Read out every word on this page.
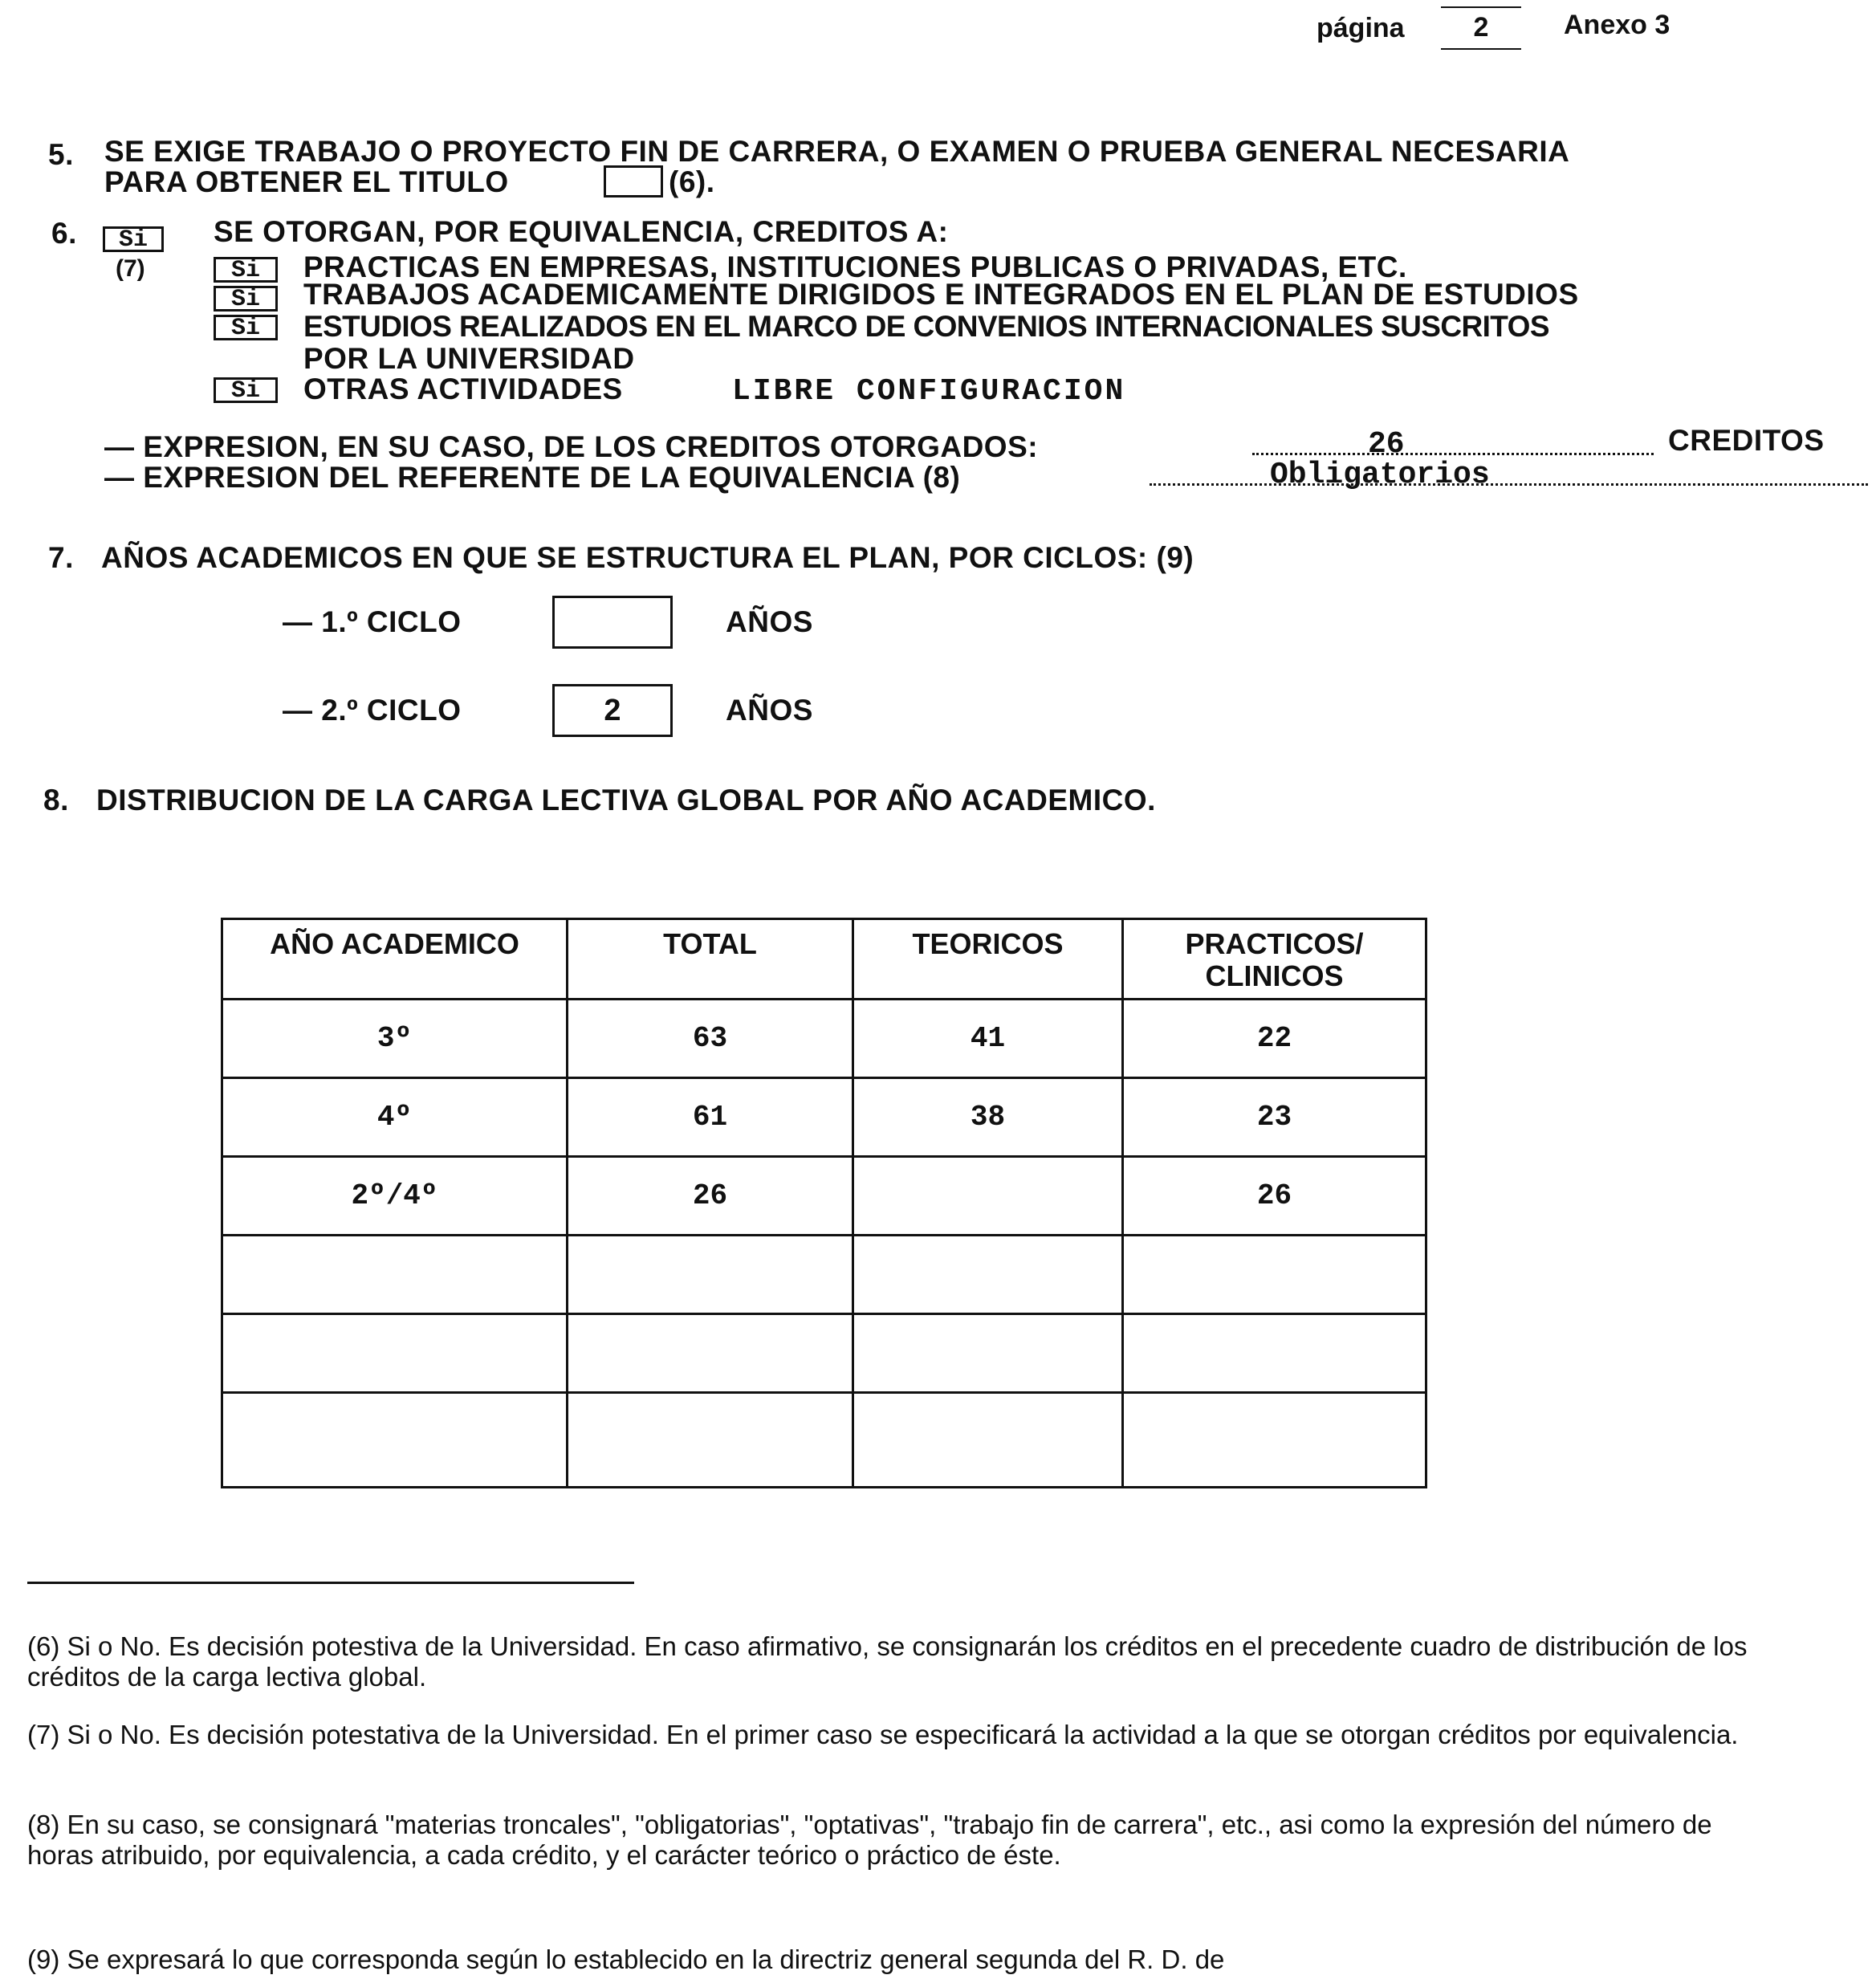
página	2	Anexo 3
5. SE EXIGE TRABAJO O PROYECTO FIN DE CARRERA, O EXAMEN O PRUEBA GENERAL NECESARIA
PARA OBTENER EL TITULO	(6).
6.	Si
(7)
SE OTORGAN, POR EQUIVALENCIA, CREDITOS A:
Si	PRACTICAS EN EMPRESAS, INSTITUCIONES PUBLICAS O PRIVADAS, ETC.
Si	TRABAJOS ACADEMICAMENTE DIRIGIDOS E INTEGRADOS EN EL PLAN DE ESTUDIOS
Si	ESTUDIOS REALIZADOS EN EL MARCO DE CONVENIOS INTERNACIONALES SUSCRITOS
POR LA UNIVERSIDAD
Si	OTRAS ACTIVIDADES	LIBRE CONFIGURACION
— EXPRESION, EN SU CASO, DE LOS CREDITOS OTORGADOS:	26	CREDITOS
— EXPRESION DEL REFERENTE DE LA EQUIVALENCIA (8)	Obligatorios
7. AÑOS ACADEMICOS EN QUE SE ESTRUCTURA EL PLAN, POR CICLOS: (9)
— 1.º CICLO	AÑOS
— 2.º CICLO	2	AÑOS
8. DISTRIBUCION DE LA CARGA LECTIVA GLOBAL POR AÑO ACADEMICO.
AÑO ACADEMICO	TOTAL	TEORICOS	PRACTICOS/
CLINICOS
3º	63	41	22
4º	61	38	23
2º/4º	26		26

(6) Si o No. Es decisión potestiva de la Universidad. En caso afirmativo, se consignarán los créditos en el precedente cuadro de distribución de los créditos de la carga lectiva global.
(7) Si o No. Es decisión potestativa de la Universidad. En el primer caso se especificará la actividad a la que se otorgan créditos por equivalencia.
(8) En su caso, se consignará "materias troncales", "obligatorias", "optativas", "trabajo fin de carrera", etc., asi como la expresión del número de horas atribuido, por equivalencia, a cada crédito, y el carácter teórico o práctico de éste.
(9) Se expresará lo que corresponda según lo establecido en la directriz general segunda del R. D. de
